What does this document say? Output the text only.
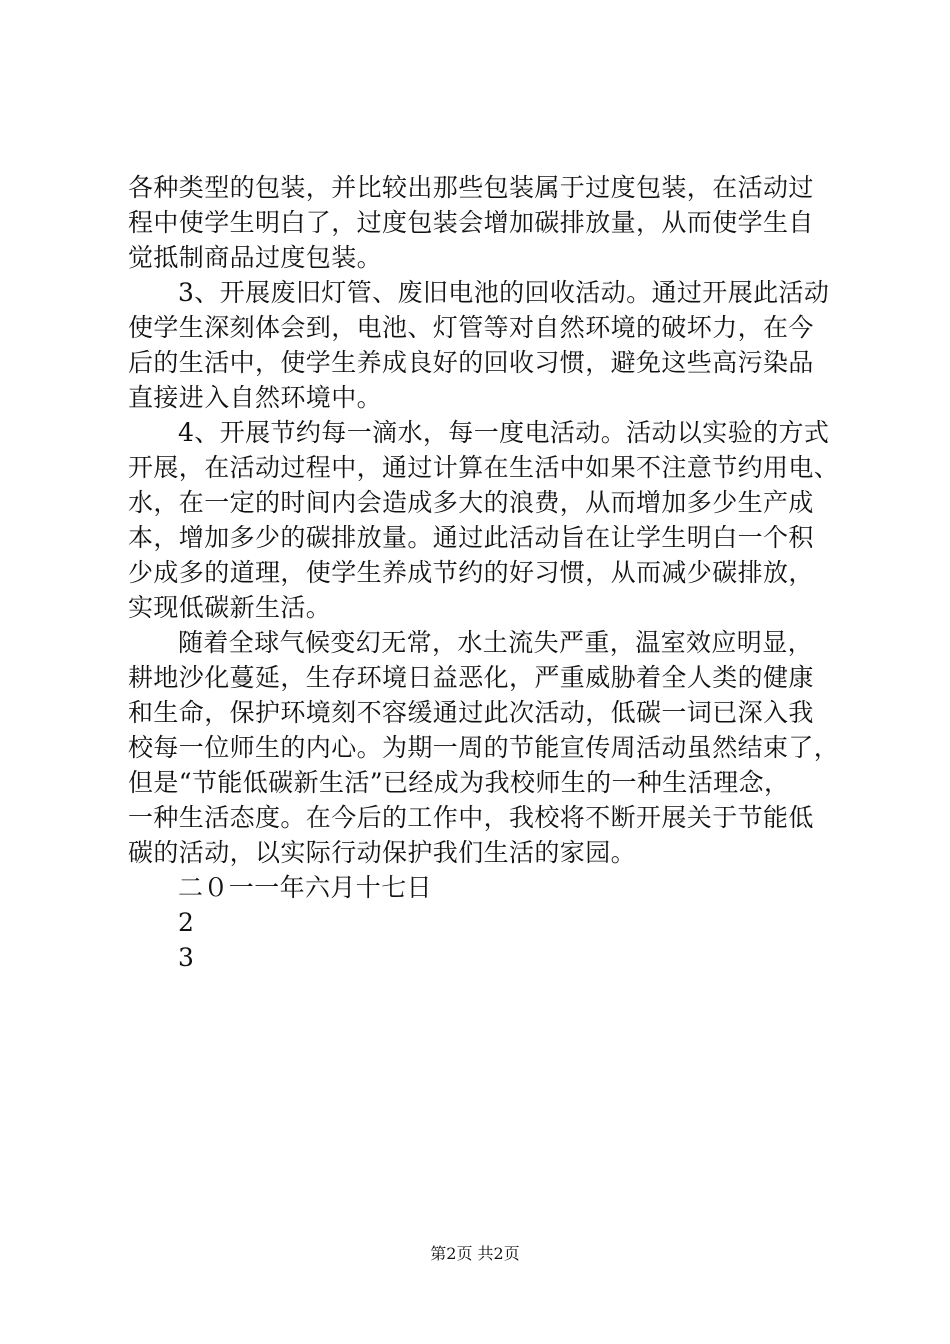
各种类型的包装，并比较出那些包装属于过度包装，在活动过
程中使学生明白了，过度包装会增加碳排放量，从而使学生自
觉抵制商品过度包装。
3、开展废旧灯管、废旧电池的回收活动。通过开展此活动
使学生深刻体会到，电池、灯管等对自然环境的破坏力，在今
后的生活中，使学生养成良好的回收习惯，避免这些高污染品
直接进入自然环境中。
4、开展节约每一滴水，每一度电活动。活动以实验的方式
开展，在活动过程中，通过计算在生活中如果不注意节约用电、
水，在一定的时间内会造成多大的浪费，从而增加多少生产成
本，增加多少的碳排放量。通过此活动旨在让学生明白一个积
少成多的道理，使学生养成节约的好习惯，从而减少碳排放，
实现低碳新生活。
随着全球气候变幻无常，水土流失严重，温室效应明显，
耕地沙化蔓延，生存环境日益恶化，严重威胁着全人类的健康
和生命，保护环境刻不容缓通过此次活动，低碳一词已深入我
校每一位师生的内心。为期一周的节能宣传周活动虽然结束了，
但是“节能低碳新生活”已经成为我校师生的一种生活理念，
一种生活态度。在今后的工作中，我校将不断开展关于节能低
碳的活动，以实际行动保护我们生活的家园。
二０一一年六月十七日
2
3
第2页 共2页
